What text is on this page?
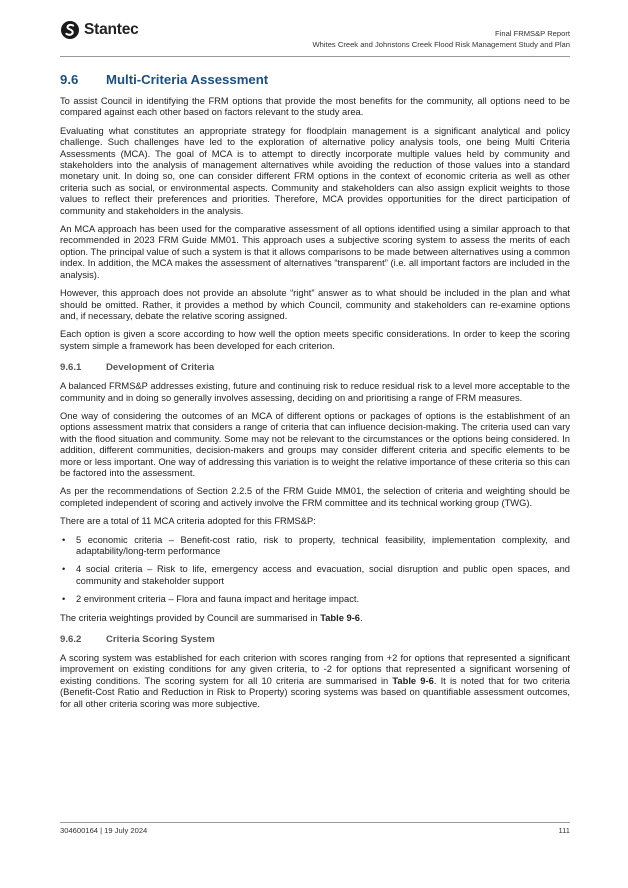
Stantec	Final FRMS&P Report
Whites Creek and Johnstons Creek Flood Risk Management Study and Plan
9.6 Multi-Criteria Assessment

To assist Council in identifying the FRM options that provide the most benefits for the community, all options need to be compared against each other based on factors relevant to the study area.

Evaluating what constitutes an appropriate strategy for floodplain management is a significant analytical and policy challenge. Such challenges have led to the exploration of alternative policy analysis tools, one being Multi Criteria Assessments (MCA). The goal of MCA is to attempt to directly incorporate multiple values held by community and stakeholders into the analysis of management alternatives while avoiding the reduction of those values into a standard monetary unit. In doing so, one can consider different FRM options in the context of economic criteria as well as other criteria such as social, or environmental aspects. Community and stakeholders can also assign explicit weights to those values to reflect their preferences and priorities. Therefore, MCA provides opportunities for the direct participation of community and stakeholders in the analysis.

An MCA approach has been used for the comparative assessment of all options identified using a similar approach to that recommended in 2023 FRM Guide MM01. This approach uses a subjective scoring system to assess the merits of each option. The principal value of such a system is that it allows comparisons to be made between alternatives using a common index. In addition, the MCA makes the assessment of alternatives “transparent” (i.e. all important factors are included in the analysis).

However, this approach does not provide an absolute “right” answer as to what should be included in the plan and what should be omitted. Rather, it provides a method by which Council, community and stakeholders can re-examine options and, if necessary, debate the relative scoring assigned.

Each option is given a score according to how well the option meets specific considerations. In order to keep the scoring system simple a framework has been developed for each criterion.

9.6.1	Development of Criteria

A balanced FRMS&P addresses existing, future and continuing risk to reduce residual risk to a level more acceptable to the community and in doing so generally involves assessing, deciding on and prioritising a range of FRM measures.

One way of considering the outcomes of an MCA of different options or packages of options is the establishment of an options assessment matrix that considers a range of criteria that can influence decision-making. The criteria used can vary with the flood situation and community. Some may not be relevant to the circumstances or the options being considered. In addition, different communities, decision-makers and groups may consider different criteria and specific elements to be more or less important. One way of addressing this variation is to weight the relative importance of these criteria so this can be factored into the assessment.

As per the recommendations of Section 2.2.5 of the FRM Guide MM01, the selection of criteria and weighting should be completed independent of scoring and actively involve the FRM committee and its technical working group (TWG).

There are a total of 11 MCA criteria adopted for this FRMS&P:

• 5 economic criteria – Benefit-cost ratio, risk to property, technical feasibility, implementation complexity, and adaptability/long-term performance
• 4 social criteria – Risk to life, emergency access and evacuation, social disruption and public open spaces, and community and stakeholder support
• 2 environment criteria – Flora and fauna impact and heritage impact.

The criteria weightings provided by Council are summarised in Table 9-6.

9.6.2	Criteria Scoring System

A scoring system was established for each criterion with scores ranging from +2 for options that represented a significant improvement on existing conditions for any given criteria, to -2 for options that represented a significant worsening of existing conditions. The scoring system for all 10 criteria are summarised in Table 9-6. It is noted that for two criteria (Benefit-Cost Ratio and Reduction in Risk to Property) scoring systems was based on quantifiable assessment outcomes, for all other criteria scoring was more subjective.

304600164 | 19 July 2024	111
